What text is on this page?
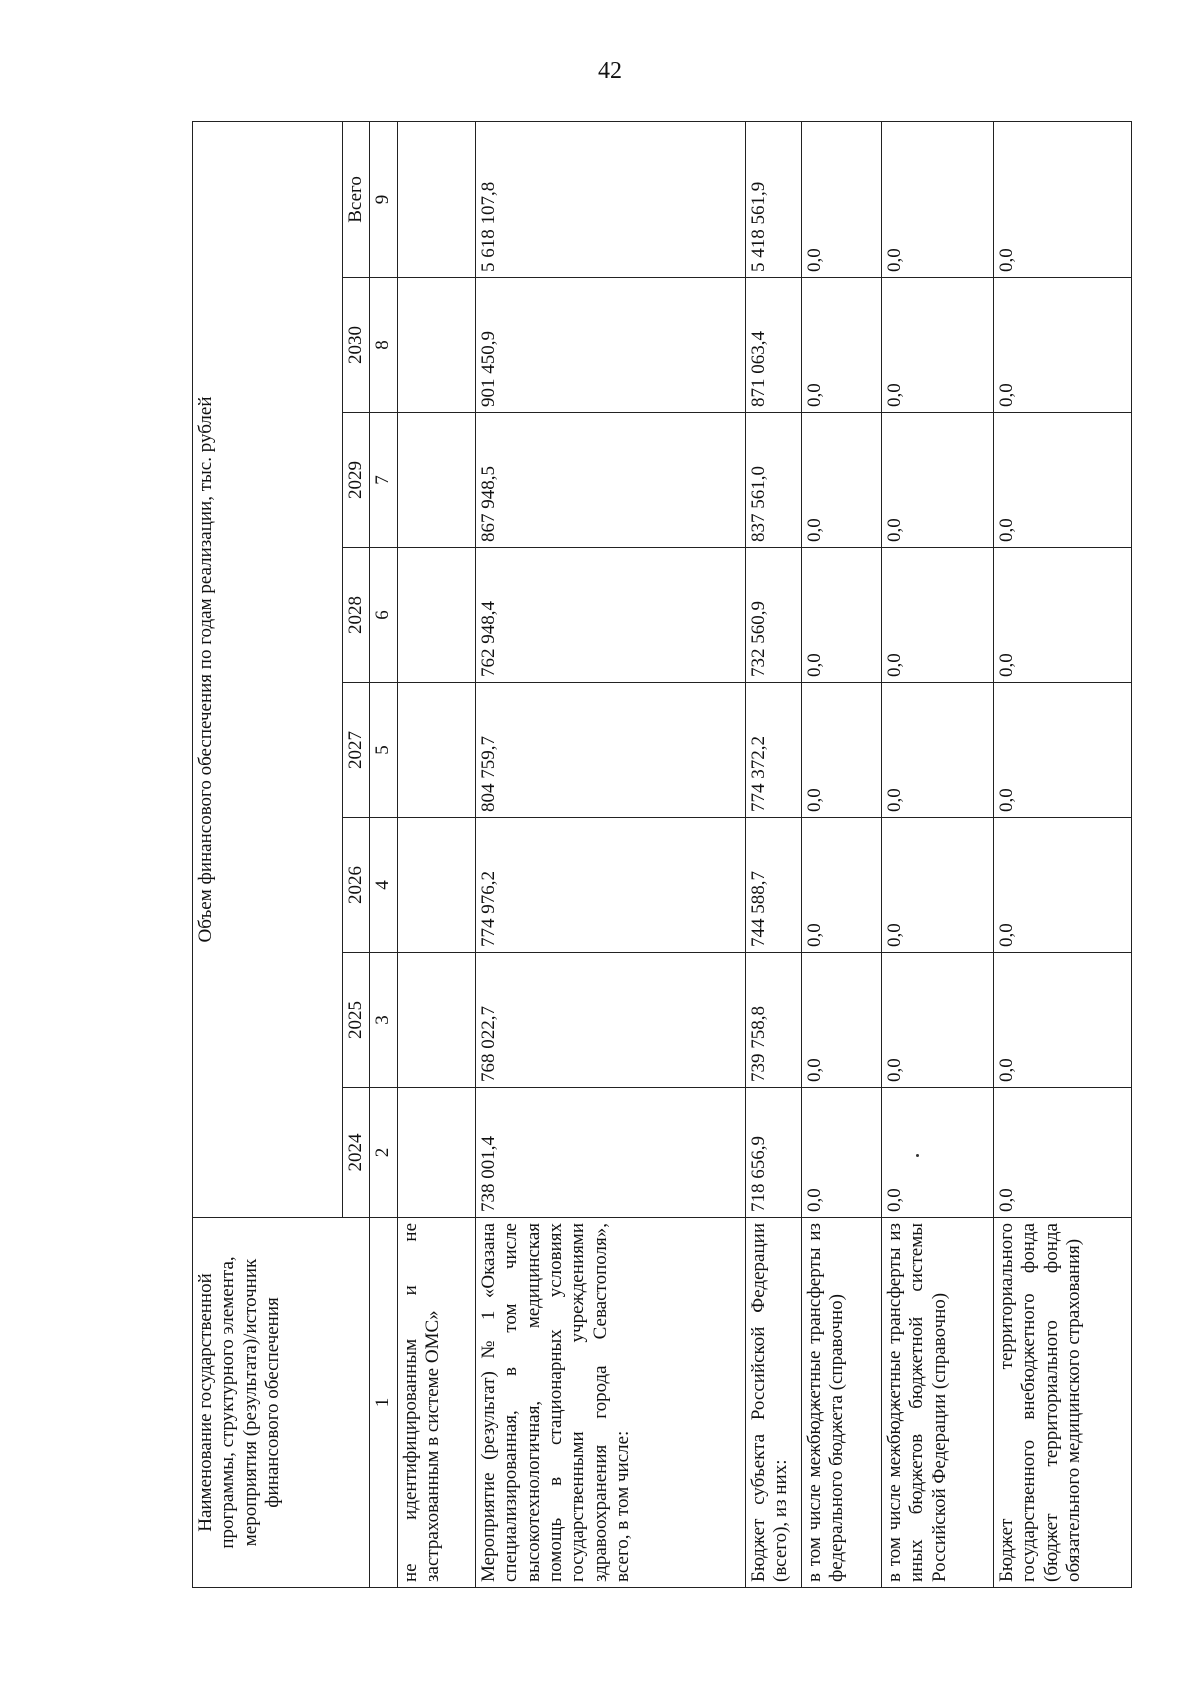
42
Наименование государственной программы, структурного элемента, мероприятия (результата)/источник финансового обеспечения	Объем финансового обеспечения по годам реализации, тыс. рублей							
	2024	2025	2026	2027	2028	2029	2030	Всего
1	2	3	4	5	6	7	8	9
не идентифицированным и не застрахованным в системе ОМС»								
Мероприятие (результат) № 1 «Оказана специализированная, в том числе высокотехнологичная, медицинская помощь в стационарных условиях государственными учреждениями здравоохранения города Севастополя», всего, в том числе:	738 001,4	768 022,7	774 976,2	804 759,7	762 948,4	867 948,5	901 450,9	5 618 107,8
Бюджет субъекта Российской Федерации (всего), из них:	718 656,9	739 758,8	744 588,7	774 372,2	732 560,9	837 561,0	871 063,4	5 418 561,9
в том числе межбюджетные трансферты из федерального бюджета (справочно)	0,0	0,0	0,0	0,0	0,0	0,0	0,0	0,0
в том числе межбюджетные трансферты из иных бюджетов бюджетной системы Российской Федерации (справочно)	0,0	0,0	0,0	0,0	0,0	0,0	0,0	0,0
Бюджет территориального государственного внебюджетного фонда (бюджет территориального фонда обязательного медицинского страхования)	0,0	0,0	0,0	0,0	0,0	0,0	0,0	0,0
